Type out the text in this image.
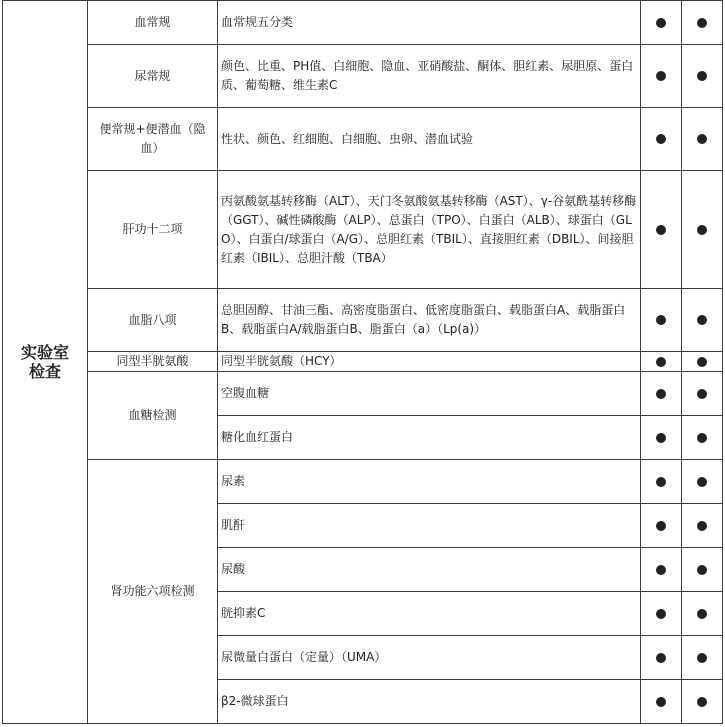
实验室检查	血常规	血常规五分类		
	尿常规	颜色、比重、PH值、白细胞、隐血、亚硝酸盐、酮体、胆红素、尿胆原、蛋白质、葡萄糖、维生素C		
	便常规+便潜血（隐血）	性状、颜色、红细胞、白细胞、虫卵、潜血试验		
	肝功十二项	丙氨酸氨基转移酶（ALT）、天门冬氨酸氨基转移酶（AST）、γ-谷氨酰基转移酶（GGT）、碱性磷酸酶（ALP）、总蛋白（TPO）、白蛋白（ALB）、球蛋白（GLO）、白蛋白/球蛋白（A/G）、总胆红素（TBIL）、直接胆红素（DBIL）、间接胆红素（IBIL）、总胆汁酸（TBA）		
	血脂八项	总胆固醇、甘油三酯、高密度脂蛋白、低密度脂蛋白、载脂蛋白A、载脂蛋白B、载脂蛋白A/载脂蛋白B、脂蛋白（a）（Lp(a)）		
	同型半胱氨酸	同型半胱氨酸（HCY）		
	血糖检测	空腹血糖		
		糖化血红蛋白		
	肾功能六项检测	尿素		
		肌酐		
		尿酸		
		胱抑素C		
		尿微量白蛋白（定量）（UMA）		
		β2-微球蛋白		
